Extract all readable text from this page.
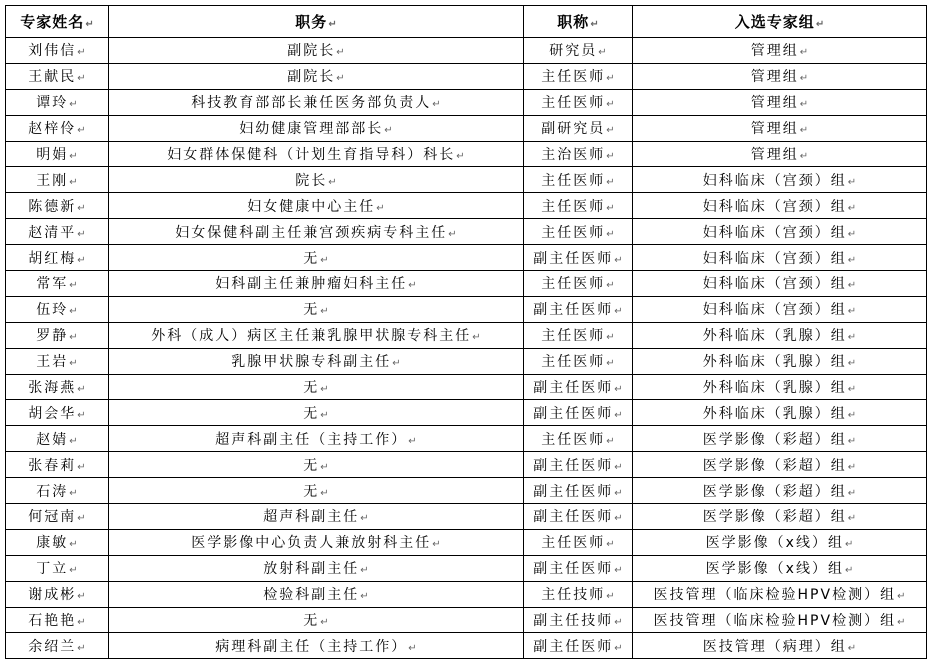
专家姓名↵	职务↵	职称↵	入选专家组↵
刘伟信↵	副院长↵	研究员↵	管理组↵
王献民↵	副院长↵	主任医师↵	管理组↵
谭玲↵	科技教育部部长兼任医务部负责人↵	主任医师↵	管理组↵
赵梓伶↵	妇幼健康管理部部长↵	副研究员↵	管理组↵
明娟↵	妇女群体保健科（计划生育指导科）科长↵	主治医师↵	管理组↵
王刚↵	院长↵	主任医师↵	妇科临床（宫颈）组↵
陈德新↵	妇女健康中心主任↵	主任医师↵	妇科临床（宫颈）组↵
赵清平↵	妇女保健科副主任兼宫颈疾病专科主任↵	主任医师↵	妇科临床（宫颈）组↵
胡红梅↵	无↵	副主任医师↵	妇科临床（宫颈）组↵
常军↵	妇科副主任兼肿瘤妇科主任↵	主任医师↵	妇科临床（宫颈）组↵
伍玲↵	无↵	副主任医师↵	妇科临床（宫颈）组↵
罗静↵	外科（成人）病区主任兼乳腺甲状腺专科主任↵	主任医师↵	外科临床（乳腺）组↵
王岩↵	乳腺甲状腺专科副主任↵	主任医师↵	外科临床（乳腺）组↵
张海燕↵	无↵	副主任医师↵	外科临床（乳腺）组↵
胡会华↵	无↵	副主任医师↵	外科临床（乳腺）组↵
赵婧↵	超声科副主任（主持工作）↵	主任医师↵	医学影像（彩超）组↵
张春莉↵	无↵	副主任医师↵	医学影像（彩超）组↵
石涛↵	无↵	副主任医师↵	医学影像（彩超）组↵
何冠南↵	超声科副主任↵	副主任医师↵	医学影像（彩超）组↵
康敏↵	医学影像中心负责人兼放射科主任↵	主任医师↵	医学影像（x线）组↵
丁立↵	放射科副主任↵	副主任医师↵	医学影像（x线）组↵
谢成彬↵	检验科副主任↵	主任技师↵	医技管理（临床检验HPV检测）组↵
石艳艳↵	无↵	副主任技师↵	医技管理（临床检验HPV检测）组↵
余绍兰↵	病理科副主任（主持工作）↵	副主任医师↵	医技管理（病理）组↵
